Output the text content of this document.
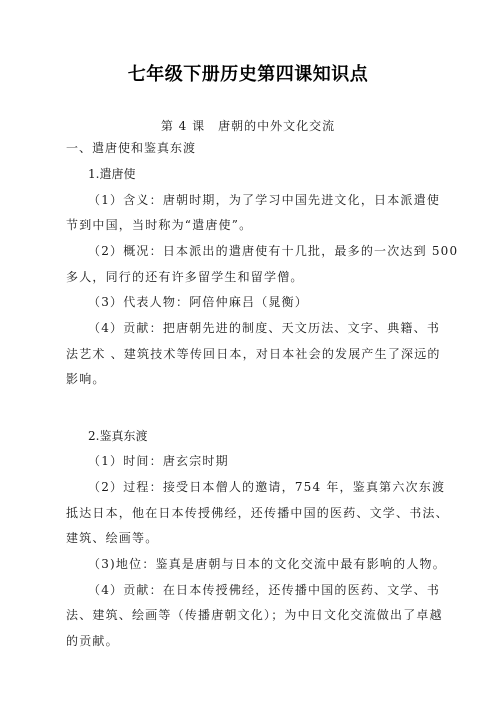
七年级下册历史第四课知识点
第 4 课　唐朝的中外文化交流
一、遣唐使和鉴真东渡
1.遣唐使
（1）含义：唐朝时期，为了学习中国先进文化，日本派遣使
节到中国，当时称为“遣唐使”。
（2）概况：日本派出的遣唐使有十几批，最多的一次达到 500
多人，同行的还有许多留学生和留学僧。
（3）代表人物：阿倍仲麻吕（晁衡）
（4）贡献：把唐朝先进的制度、天文历法、文字、典籍、书
法艺术 、建筑技术等传回日本，对日本社会的发展产生了深远的
影响。
2.鉴真东渡
（1）时间：唐玄宗时期
（2）过程：接受日本僧人的邀请，754 年，鉴真第六次东渡
抵达日本，他在日本传授佛经，还传播中国的医药、文学、书法、
建筑、绘画等。
（3)地位：鉴真是唐朝与日本的文化交流中最有影响的人物。
（4）贡献：在日本传授佛经，还传播中国的医药、文学、书
法、建筑、绘画等（传播唐朝文化）；为中日文化交流做出了卓越
的贡献。
